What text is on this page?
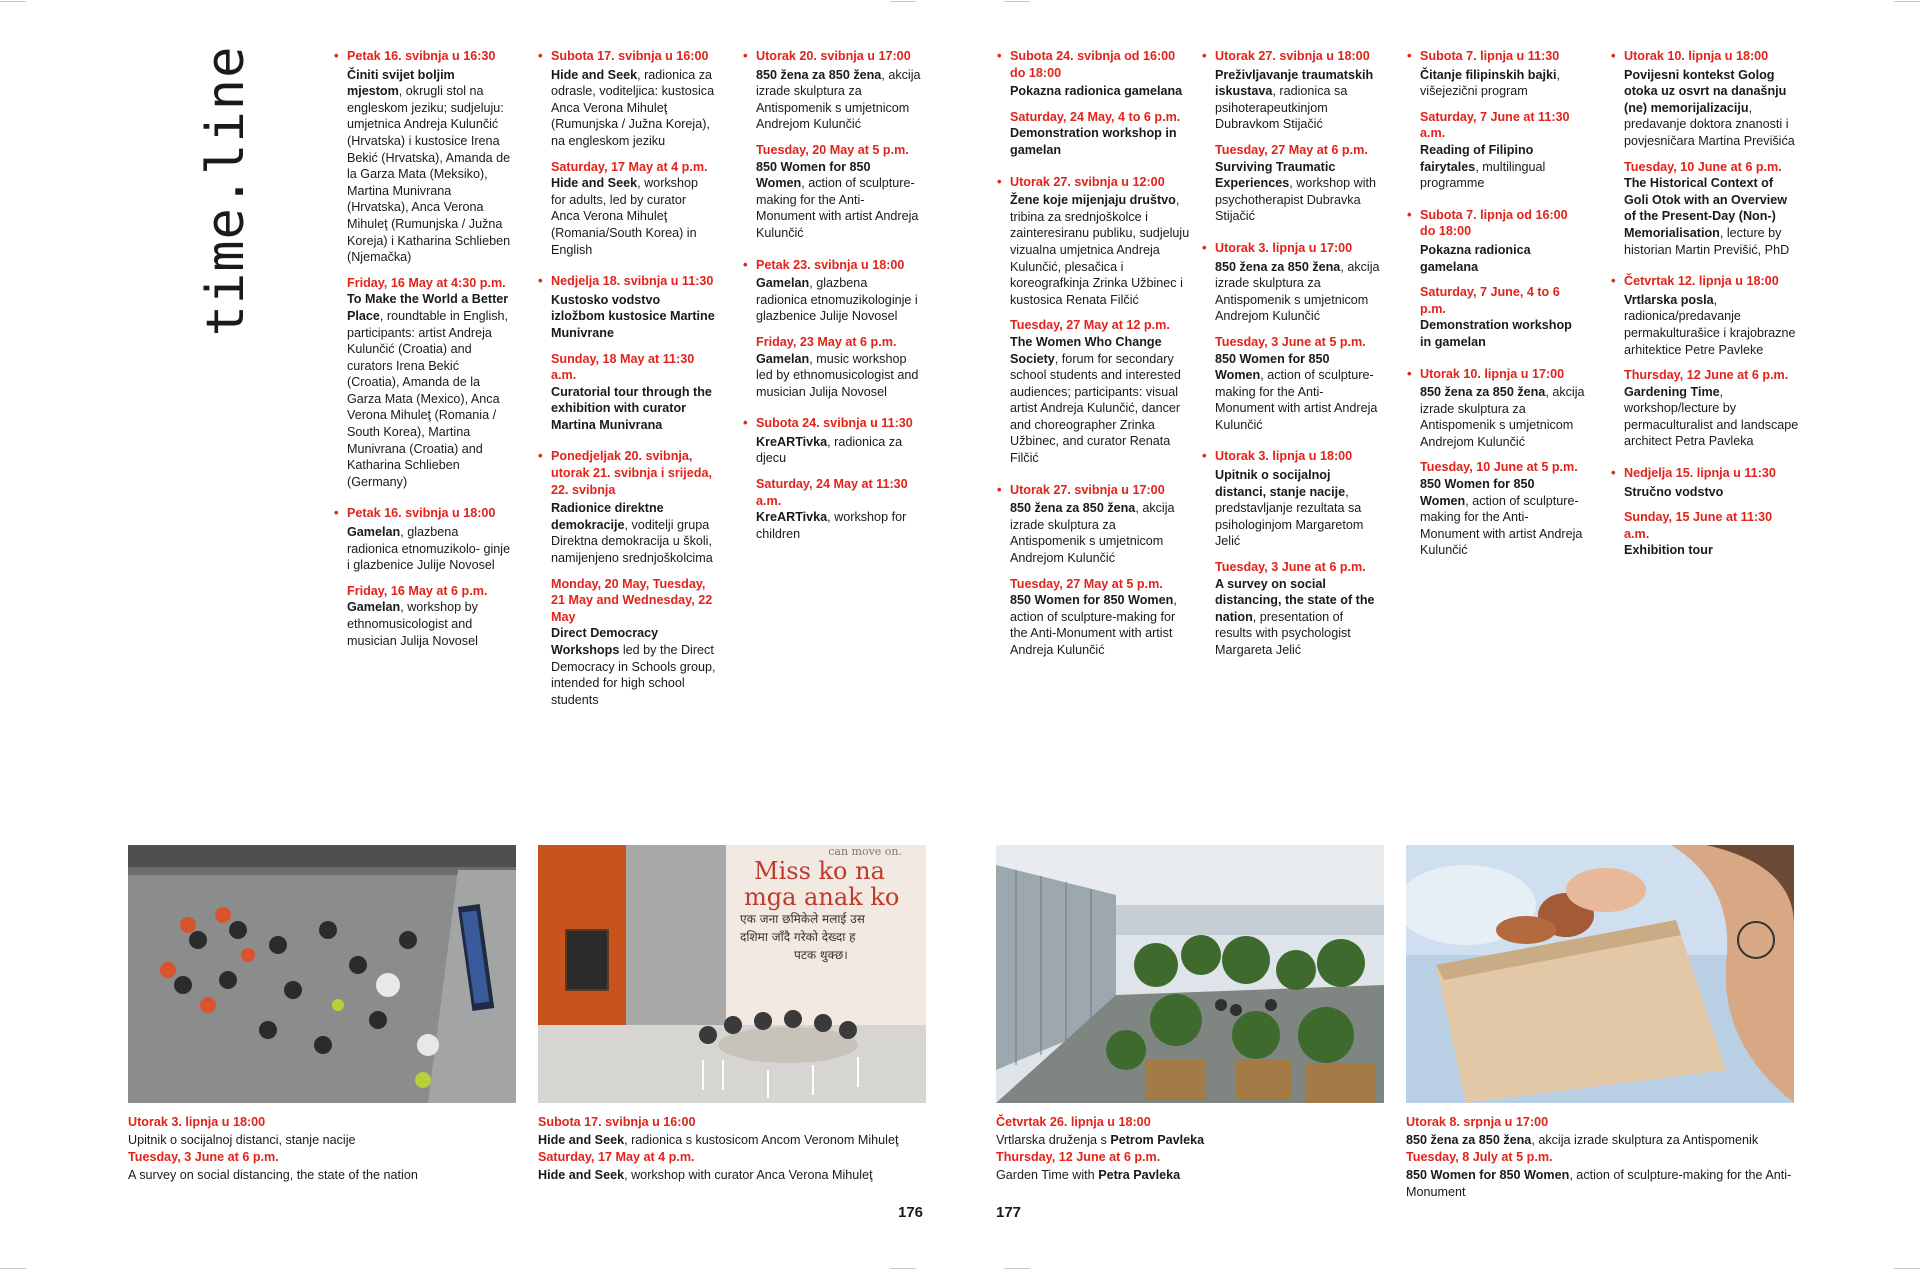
time.line	• Petak 16. svibnja u 16:30
Činiti svijet boljim mjestom, okrugli stol na engleskom jeziku; sudjeluju: umjetnica Andreja Kulunčić (Hrvatska) i kustosice Irena Bekić (Hrvatska), Amanda de la Garza Mata (Meksiko), Martina Munivrana (Hrvatska), Anca Verona Mihuleţ (Rumunjska / Južna Koreja) i Katharina Schlieben (Njemačka)
Friday, 16 May at 4:30 p.m.
To Make the World a Better Place, roundtable in English, participants: artist Andreja Kulunčić (Croatia) and curators Irena Bekić (Croatia), Amanda de la Garza Mata (Mexico), Anca Verona Mihuleţ (Romania / South Korea), Martina Munivrana (Croatia) and Katharina Schlieben (Germany)
• Petak 16. svibnja u 18:00
Gamelan, glazbena radionica etnomuzikolo- ginje i glazbenice Julije Novosel
Friday, 16 May at 6 p.m.
Gamelan, workshop by ethnomusicologist and musician Julija Novosel
• Subota 17. svibnja u 16:00
Hide and Seek, radionica za odrasle, voditeljica: kustosica Anca Verona Mihuleţ (Rumunjska / Južna Koreja), na engleskom jeziku
Saturday, 17 May at 4 p.m.
Hide and Seek, workshop for adults, led by curator Anca Verona Mihuleţ (Romania/South Korea) in English
• Nedjelja 18. svibnja u 11:30
Kustosko vodstvo izložbom kustosice Martine Munivrane
Sunday, 18 May at 11:30 a.m.
Curatorial tour through the exhibition with curator Martina Munivrana
• Ponedjeljak 20. svibnja, utorak 21. svibnja i srijeda, 22. svibnja
Radionice direktne demokracije, voditelji grupa Direktna demokracija u školi, namijenjeno srednjoškolcima
Monday, 20 May, Tuesday, 21 May and Wednesday, 22 May
Direct Democracy Workshops led by the Direct Democracy in Schools group, intended for high school students
• Utorak 20. svibnja u 17:00
850 žena za 850 žena, akcija izrade skulptura za Antispomenik s umjetnicom Andrejom Kulunčić
Tuesday, 20 May at 5 p.m.
850 Women for 850 Women, action of sculpture-making for the Anti-Monument with artist Andreja Kulunčić
• Petak 23. svibnja u 18:00
Gamelan, glazbena radionica etnomuzikologinje i glazbenice Julije Novosel
Friday, 23 May at 6 p.m.
Gamelan, music workshop led by ethnomusicologist and musician Julija Novosel
• Subota 24. svibnja u 11:30
KreARTivka, radionica za djecu
Saturday, 24 May at 11:30 a.m.
KreARTivka, workshop for children
• Subota 24. svibnja od 16:00 do 18:00
Pokazna radionica gamelana
Saturday, 24 May, 4 to 6 p.m.
Demonstration workshop in gamelan
• Utorak 27. svibnja u 12:00
Žene koje mijenjaju društvo, tribina za srednjoškolce i zainteresiranu publiku, sudjeluju vizualna umjetnica Andreja Kulunčić, plesačica i koreografkinja Zrinka Užbinec i kustosica Renata Filčić
Tuesday, 27 May at 12 p.m.
The Women Who Change Society, forum for secondary school students and interested audiences; participants: visual artist Andreja Kulunčić, dancer and choreographer Zrinka Užbinec, and curator Renata Filčić
• Utorak 27. svibnja u 17:00
850 žena za 850 žena, akcija izrade skulptura za Antispomenik s umjetnicom Andrejom Kulunčić
Tuesday, 27 May at 5 p.m.
850 Women for 850 Women, action of sculpture-making for the Anti-Monument with artist Andreja Kulunčić
• Utorak 27. svibnja u 18:00
Preživljavanje traumatskih iskustava, radionica sa psihoterapeutkinjom Dubravkom Stijačić
Tuesday, 27 May at 6 p.m.
Surviving Traumatic Experiences, workshop with psychotherapist Dubravka Stijačić
• Utorak 3. lipnja u 17:00
850 žena za 850 žena, akcija izrade skulptura za Antispomenik s umjetnicom Andrejom Kulunčić
Tuesday, 3 June at 5 p.m.
850 Women for 850 Women, action of sculpture-making for the Anti-Monument with artist Andreja Kulunčić
• Utorak 3. lipnja u 18:00
Upitnik o socijalnoj distanci, stanje nacije, predstavljanje rezultata sa psihologinjom Margaretom Jelić
Tuesday, 3 June at 6 p.m.
A survey on social distancing, the state of the nation, presentation of results with psychologist Margareta Jelić
• Subota 7. lipnja u 11:30
Čitanje filipinskih bajki, višejezični program
Saturday, 7 June at 11:30 a.m.
Reading of Filipino fairytales, multilingual programme
• Subota 7. lipnja od 16:00 do 18:00
Pokazna radionica gamelana
Saturday, 7 June, 4 to 6 p.m.
Demonstration workshop in gamelan
• Utorak 10. lipnja u 17:00
850 žena za 850 žena, akcija izrade skulptura za Antispomenik s umjetnicom Andrejom Kulunčić
Tuesday, 10 June at 5 p.m.
850 Women for 850 Women, action of sculpture-making for the Anti-Monument with artist Andreja Kulunčić
• Utorak 10. lipnja u 18:00
Povijesni kontekst Golog otoka uz osvrt na današnju (ne) memorijalizaciju, predavanje doktora znanosti i povjesničara Martina Previšića
Tuesday, 10 June at 6 p.m.
The Historical Context of Goli Otok with an Overview of the Present-Day (Non-) Memorialisation, lecture by historian Martin Previšić, PhD
• Četvrtak 12. lipnja u 18:00
Vrtlarska posla, radionica/predavanje permakulturašice i krajobrazne arhitektice Petre Pavleke
Thursday, 12 June at 6 p.m.
Gardening Time, workshop/lecture by permaculturalist and landscape architect Petra Pavleka
• Nedjelja 15. lipnja u 11:30
Stručno vodstvo
Sunday, 15 June at 11:30 a.m.
Exhibition tour
can move on.
Miss ko na
mga anak ko
एक जना छमिकेले मलाई उस
दशिमा जाँदै गरेको देख्दा ह
पटक थुक्छ।
Utorak 3. lipnja u 18:00
Upitnik o socijalnoj distanci, stanje nacije
Tuesday, 3 June at 6 p.m.
A survey on social distancing, the state of the nation
Subota 17. svibnja u 16:00
Hide and Seek, radionica s kustosicom Ancom Veronom Mihuleţ
Saturday, 17 May at 4 p.m.
Hide and Seek, workshop with curator Anca Verona Mihuleţ
Četvrtak 26. lipnja u 18:00
Vrtlarska druženja s Petrom Pavleka
Thursday, 12 June at 6 p.m.
Garden Time with Petra Pavleka
Utorak 8. srpnja u 17:00
850 žena za 850 žena, akcija izrade skulptura za Antispomenik
Tuesday, 8 July at 5 p.m.
850 Women for 850 Women, action of sculpture-making for the Anti-Monument
176	177
